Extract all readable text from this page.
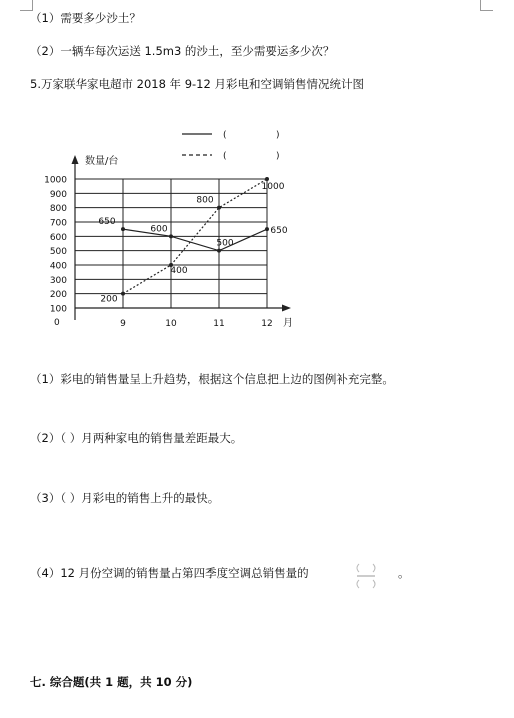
（1）需要多少沙土？
（2）一辆车每次运送 1.5m3 的沙土，至少需要运多少次？
5.万家联华家电超市 2018 年 9-12 月彩电和空调销售情况统计图
100
200
300
400
500
600
700
800
900
1000
数量/台
月
0	9	10	11	12
(	)
(	)
650
600
500
650
200
400
800
1000
（1）彩电的销售量呈上升趋势，根据这个信息把上边的图例补充完整。
（2）（ ）月两种家电的销售量差距最大。
（3）（ ）月彩电的销售上升的最快。
（4）12 月份空调的销售量占第四季度空调总销售量的	。
七. 综合题(共 1 题，共 10 分)
